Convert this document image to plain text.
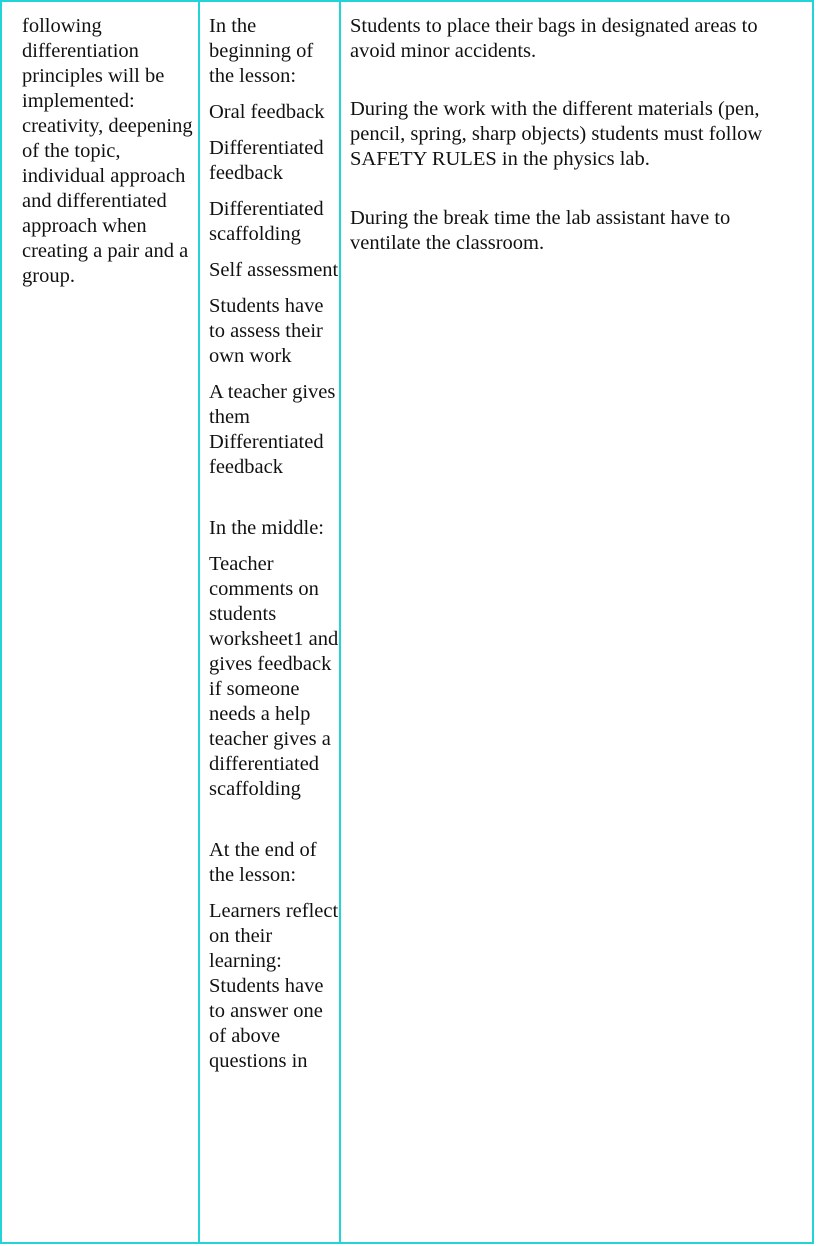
following differentiation principles will be implemented: creativity, deepening of the topic, individual approach and differentiated approach when creating a pair and a group.

In the beginning of the lesson:

Oral feedback

Differentiated feedback

Differentiated scaffolding

Self assessment

Students have to assess their own work

A teacher gives them Differentiated feedback

In the middle:

Teacher comments on students worksheet1 and gives feedback if someone needs a help teacher gives a differentiated scaffolding

At the end of the lesson:

Learners reflect on their learning: Students have to answer one of above questions in

Students to place their bags in designated areas to avoid minor accidents.

During the work with the different materials (pen, pencil, spring, sharp objects) students must follow SAFETY RULES in the physics lab.

During the break time the lab assistant have to ventilate the classroom.
